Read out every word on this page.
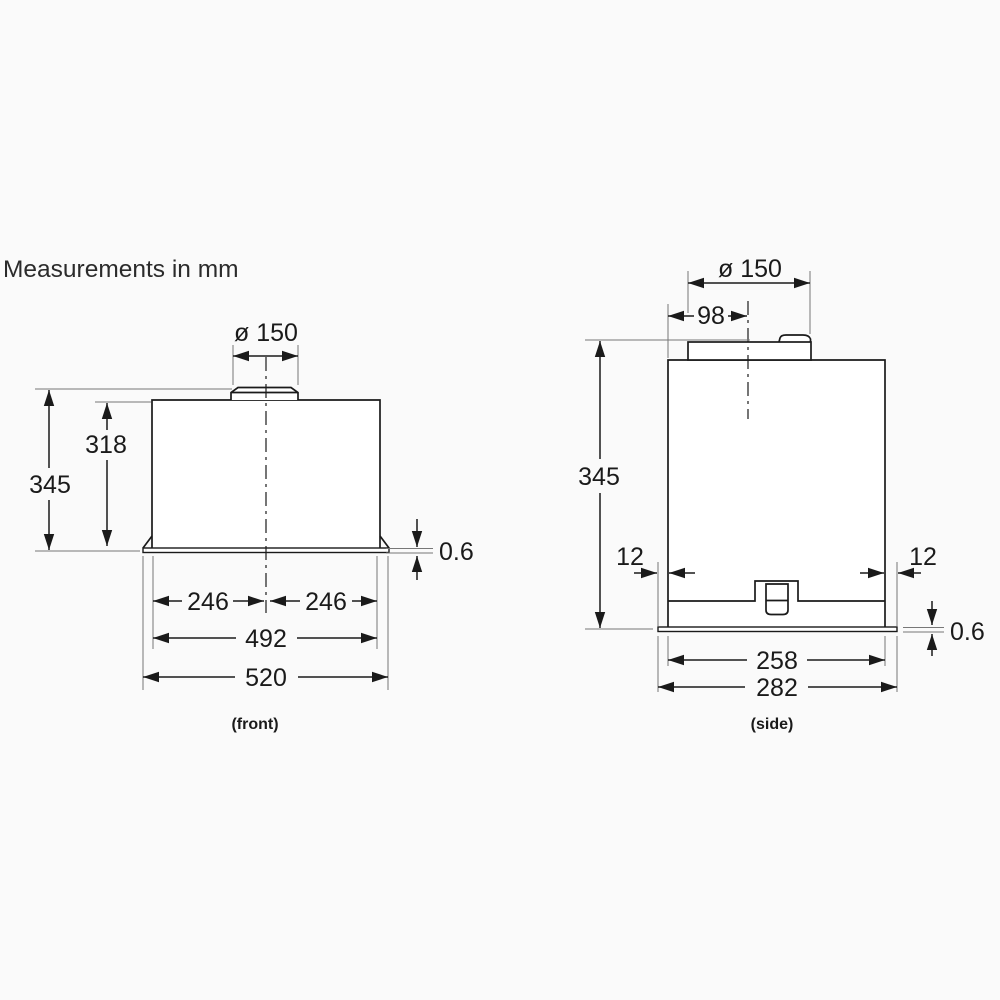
Measurements in mm
ø 150
345
318
0.6
246	246
492
520
(front)
ø 150
98
345
12	12
0.6
258
282
(side)
